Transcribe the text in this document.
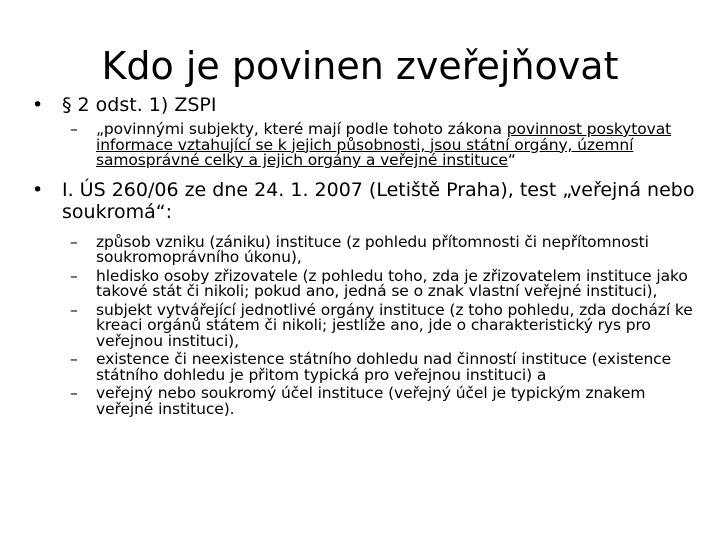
Kdo je povinen zveřejňovat
• § 2 odst. 1) ZSPI
– „povinnými subjekty, které mají podle tohoto zákona povinnost poskytovat informace vztahující se k jejich působnosti, jsou státní orgány, územní samosprávné celky a jejich orgány a veřejné instituce“
• I. ÚS 260/06 ze dne 24. 1. 2007 (Letiště Praha), test „veřejná nebo soukromá“:
– způsob vzniku (zániku) instituce (z pohledu přítomnosti či nepřítomnosti soukromoprávního úkonu),
– hledisko osoby zřizovatele (z pohledu toho, zda je zřizovatelem instituce jako takové stát či nikoli; pokud ano, jedná se o znak vlastní veřejné instituci),
– subjekt vytvářející jednotlivé orgány instituce (z toho pohledu, zda dochází ke kreaci orgánů státem či nikoli; jestliže ano, jde o charakteristický rys pro veřejnou instituci),
– existence či neexistence státního dohledu nad činností instituce (existence státního dohledu je přitom typická pro veřejnou instituci) a
– veřejný nebo soukromý účel instituce (veřejný účel je typickým znakem veřejné instituce).
